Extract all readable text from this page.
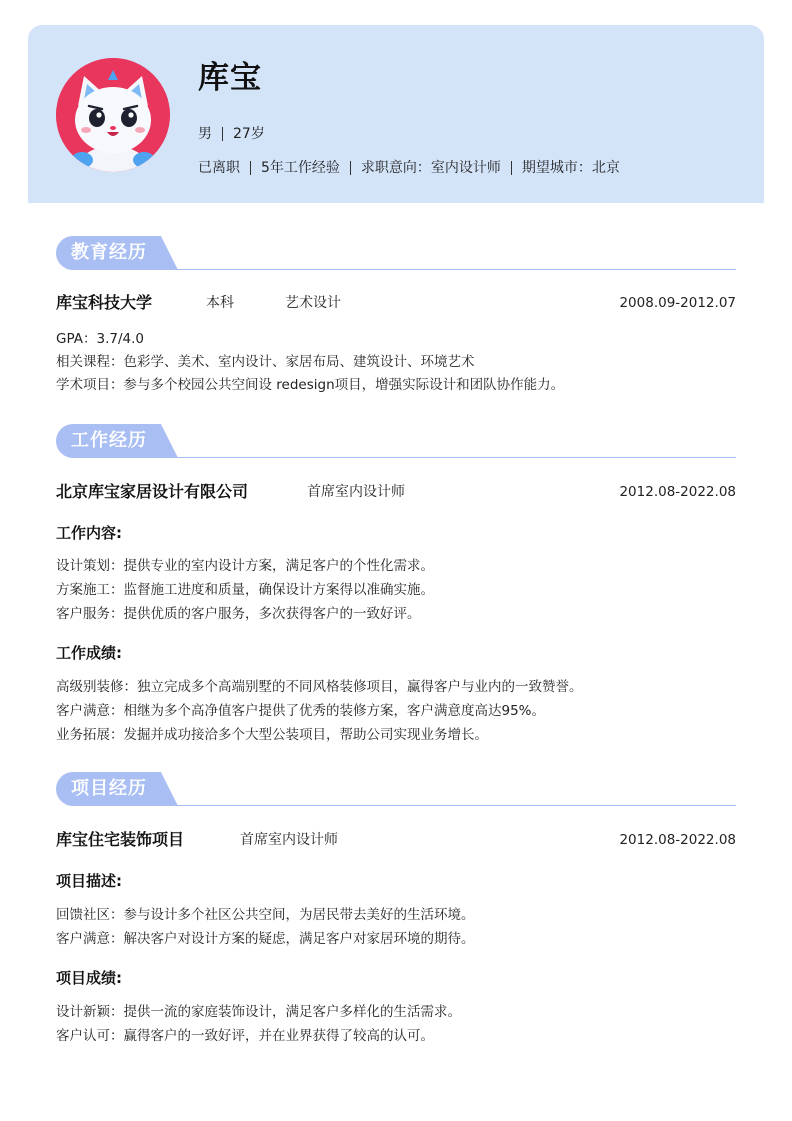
库宝
男 27岁
已离职 5年工作经验 求职意向：室内设计师 期望城市：北京
教育经历
库宝科技大学	本科	艺术设计	2008.09-2012.07
GPA：3.7/4.0
相关课程：色彩学、美术、室内设计、家居布局、建筑设计、环境艺术
学术项目：参与多个校园公共空间设 redesign项目，增强实际设计和团队协作能力。
工作经历
北京库宝家居设计有限公司	首席室内设计师	2012.08-2022.08
工作内容:
设计策划：提供专业的室内设计方案，满足客户的个性化需求。
方案施工：监督施工进度和质量，确保设计方案得以准确实施。
客户服务：提供优质的客户服务，多次获得客户的一致好评。
工作成绩:
高级别装修：独立完成多个高端别墅的不同风格装修项目，赢得客户与业内的一致赞誉。
客户满意：相继为多个高净值客户提供了优秀的装修方案，客户满意度高达95%。
业务拓展：发掘并成功接洽多个大型公装项目，帮助公司实现业务增长。
项目经历
库宝住宅装饰项目	首席室内设计师	2012.08-2022.08
项目描述:
回馈社区：参与设计多个社区公共空间，为居民带去美好的生活环境。
客户满意：解决客户对设计方案的疑虑，满足客户对家居环境的期待。
项目成绩:
设计新颖：提供一流的家庭装饰设计，满足客户多样化的生活需求。
客户认可：赢得客户的一致好评，并在业界获得了较高的认可。
